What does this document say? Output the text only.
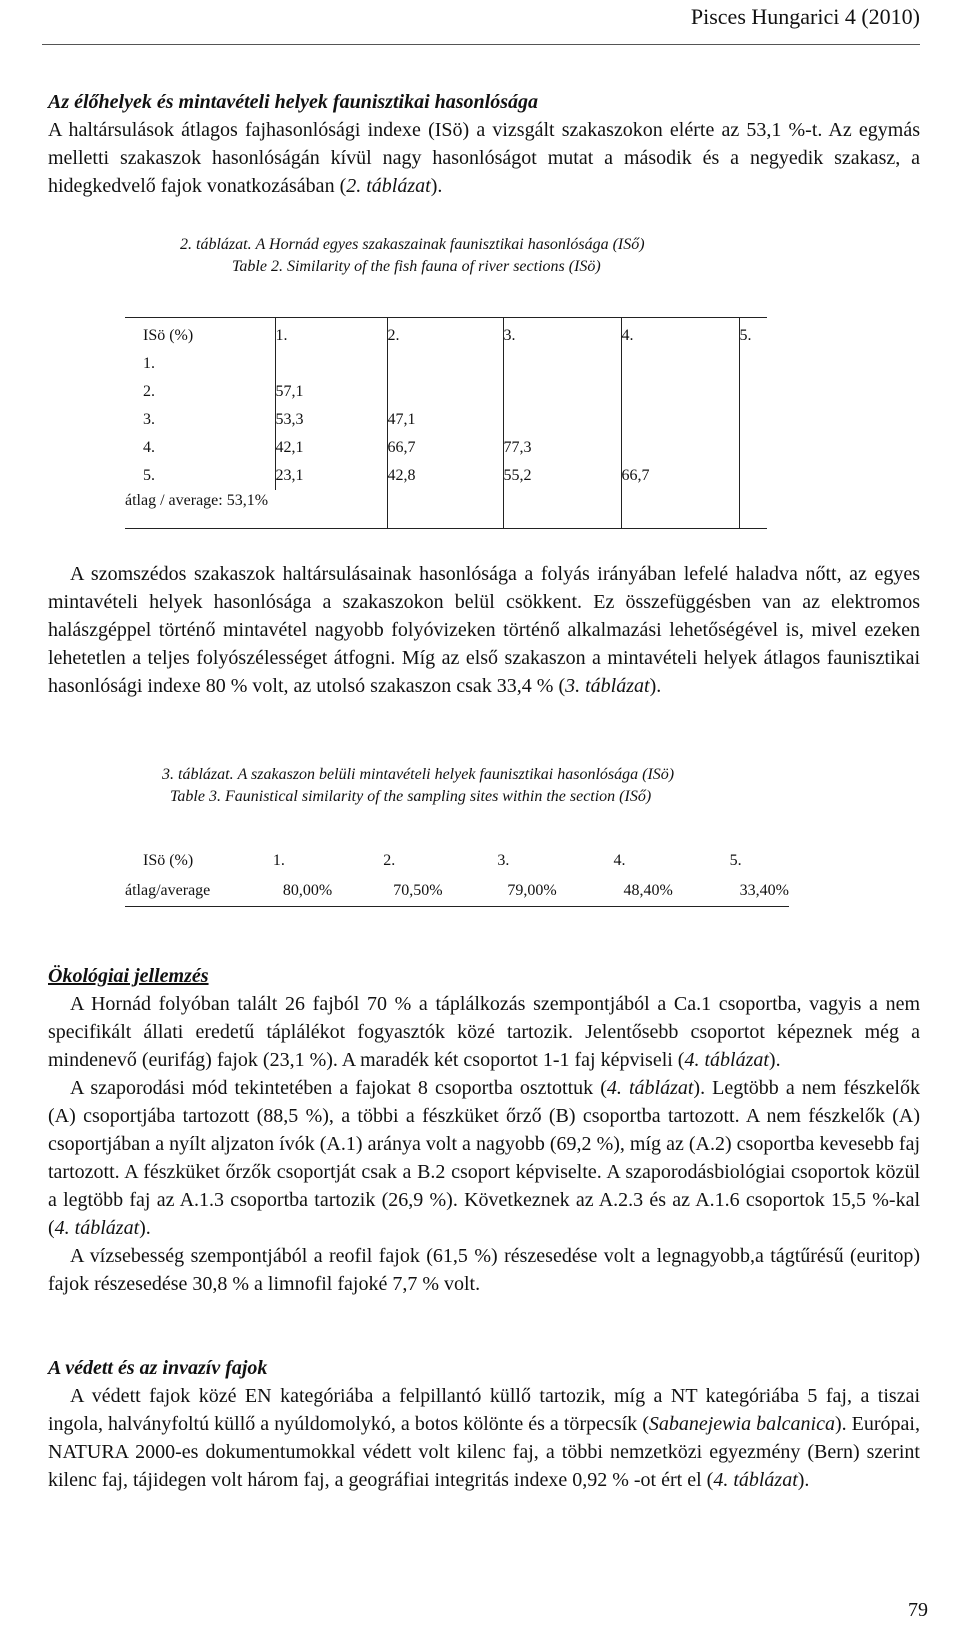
Pisces Hungarici 4 (2010)

Az élőhelyek és mintavételi helyek faunisztikai hasonlósága

A haltársulások átlagos fajhasonlósági indexe (ISö) a vizsgált szakaszokon elérte az 53,1 %-t. Az egymás melletti szakaszok hasonlóságán kívül nagy hasonlóságot mutat a második és a negyedik szakasz, a hidegkedvelő fajok vonatkozásában (2. táblázat).

2. táblázat. A Hornád egyes szakaszainak faunisztikai hasonlósága (ISő)
Table 2. Similarity of the fish fauna of river sections (ISö)
ISö (%)	1.	2.	3.	4.	5.
1.					
2.	57,1				
3.	53,3	47,1			
4.	42,1	66,7	77,3		
5.	23,1	42,8	55,2	66,7	
átlag / average: 53,1%					

A szomszédos szakaszok haltársulásainak hasonlósága a folyás irányában lefelé haladva nőtt, az egyes mintavételi helyek hasonlósága a szakaszokon belül csökkent. Ez összefüggésben van az elektromos halászgéppel történő mintavétel nagyobb folyóvizeken történő alkalmazási lehetőségével is, mivel ezeken lehetetlen a teljes folyószélességet átfogni. Míg az első szakaszon a mintavételi helyek átlagos faunisztikai hasonlósági indexe 80 % volt, az utolsó szakaszon csak 33,4 % (3. táblázat).

3. táblázat. A szakaszon belüli mintavételi helyek faunisztikai hasonlósága (ISö)
Table 3. Faunistical similarity of the sampling sites within the section (ISő)
ISö (%)	1.	2.	3.	4.	5.
átlag/average	80,00%	70,50%	79,00%	48,40%	33,40%

Ökológiai jellemzés

A Hornád folyóban talált 26 fajból 70 % a táplálkozás szempontjából a Ca.1 csoportba, vagyis a nem specifikált állati eredetű táplálékot fogyasztók közé tartozik. Jelentősebb csoportot képeznek még a mindenevő (eurifág) fajok (23,1 %). A maradék két csoportot 1-1 faj képviseli (4. táblázat).

A szaporodási mód tekintetében a fajokat 8 csoportba osztottuk (4. táblázat). Legtöbb a nem fészkelők (A) csoportjába tartozott (88,5 %), a többi a fészküket őrző (B) csoportba tartozott. A nem fészkelők (A) csoportjában a nyílt aljzaton ívók (A.1) aránya volt a nagyobb (69,2 %), míg az (A.2) csoportba kevesebb faj tartozott. A fészküket őrzők csoportját csak a B.2 csoport képviselte. A szaporodásbiológiai csoportok közül a legtöbb faj az A.1.3 csoportba tartozik (26,9 %). Következnek az A.2.3 és az A.1.6 csoportok 15,5 %-kal (4. táblázat).

A vízsebesség szempontjából a reofil fajok (61,5 %) részesedése volt a legnagyobb,a tágtűrésű (euritop) fajok részesedése 30,8 % a limnofil fajoké 7,7 % volt.

A védett és az invazív fajok

A védett fajok közé EN kategóriába a felpillantó küllő tartozik, míg a NT kategóriába 5 faj, a tiszai ingola, halványfoltú küllő a nyúldomolykó, a botos kölönte és a törpecsík (Sabanejewia balcanica). Európai, NATURA 2000-es dokumentumokkal védett volt kilenc faj, a többi nemzetközi egyezmény (Bern) szerint kilenc faj, tájidegen volt három faj, a geográfiai integritás indexe 0,92 % -ot ért el (4. táblázat).

79
